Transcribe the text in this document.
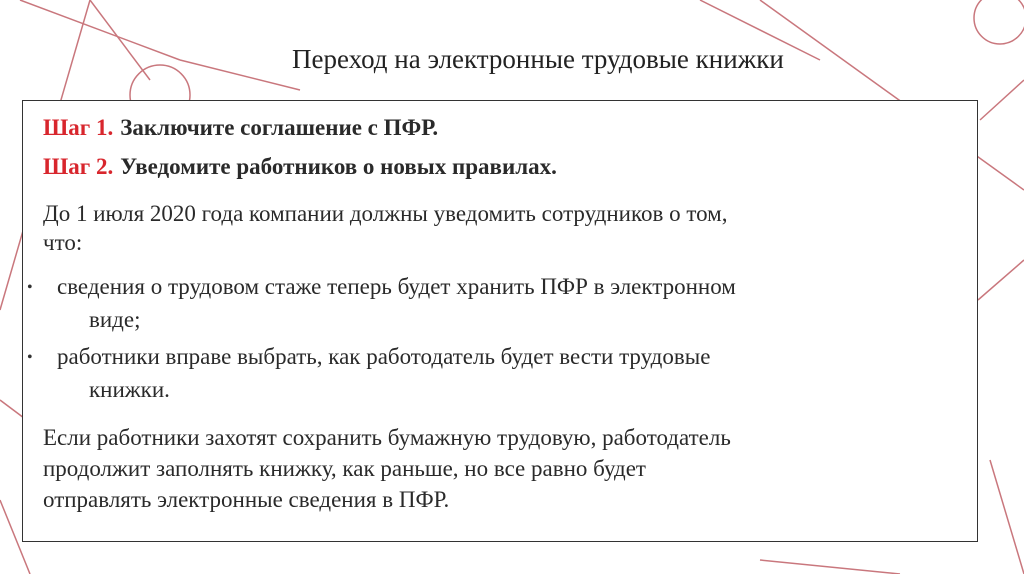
Переход на электронные трудовые книжки
Шаг 1. Заключите соглашение с ПФР.
Шаг 2. Уведомите работников о новых правилах.
До 1 июля 2020 года компании должны уведомить сотрудников о том,
что:
• сведения о трудовом стаже теперь будет хранить ПФР в электронном
виде;
• работники вправе выбрать, как работодатель будет вести трудовые
книжки.
Если работники захотят сохранить бумажную трудовую, работодатель
продолжит заполнять книжку, как раньше, но все равно будет
отправлять электронные сведения в ПФР.
